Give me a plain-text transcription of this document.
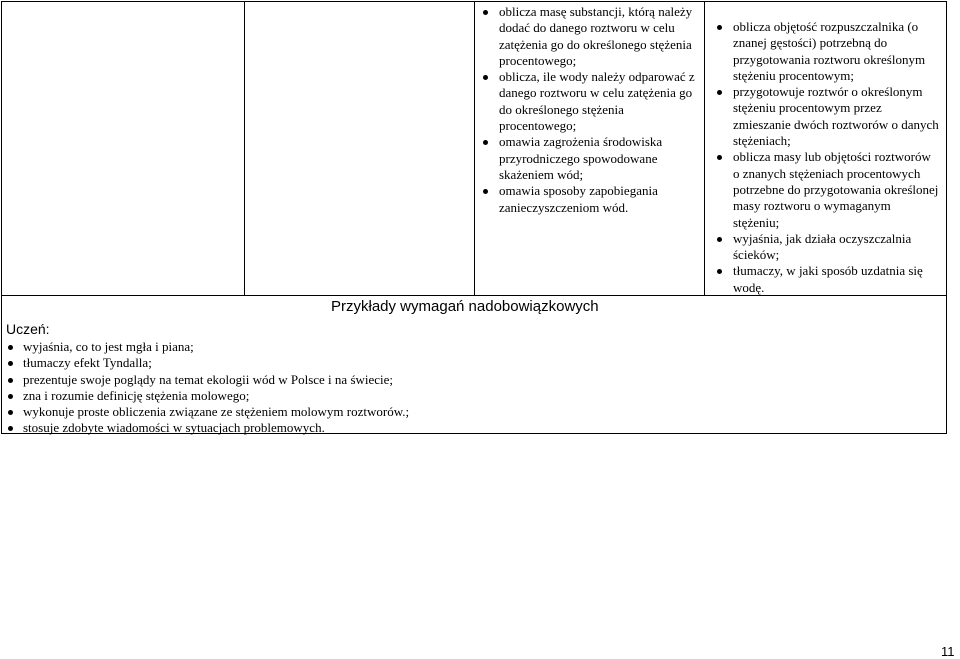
oblicza masę substancji, którą należy dodać do danego roztworu w celu zatężenia go do określonego stężenia procentowego;
oblicza, ile wody należy odparować z danego roztworu w celu zatężenia go do określonego stężenia procentowego;
omawia zagrożenia środowiska przyrodniczego spowodowane skażeniem wód;
omawia sposoby zapobiegania zanieczyszczeniom wód.
oblicza objętość rozpuszczalnika (o znanej gęstości) potrzebną do przygotowania roztworu określonym stężeniu procentowym;
przygotowuje roztwór o określonym stężeniu procentowym przez zmieszanie dwóch roztworów o danych stężeniach;
oblicza masy lub objętości roztworów o znanych stężeniach procentowych potrzebne do przygotowania określonej masy roztworu o wymaganym stężeniu;
wyjaśnia, jak działa oczyszczalnia ścieków;
tłumaczy, w jaki sposób uzdatnia się wodę.
Przykłady wymagań nadobowiązkowych
Uczeń:
wyjaśnia, co to jest mgła i piana;
tłumaczy efekt Tyndalla;
prezentuje swoje poglądy na temat ekologii wód w Polsce i na świecie;
zna i rozumie definicję stężenia molowego;
wykonuje proste obliczenia związane ze stężeniem molowym roztworów.;
stosuje zdobyte wiadomości w sytuacjach problemowych.
11
